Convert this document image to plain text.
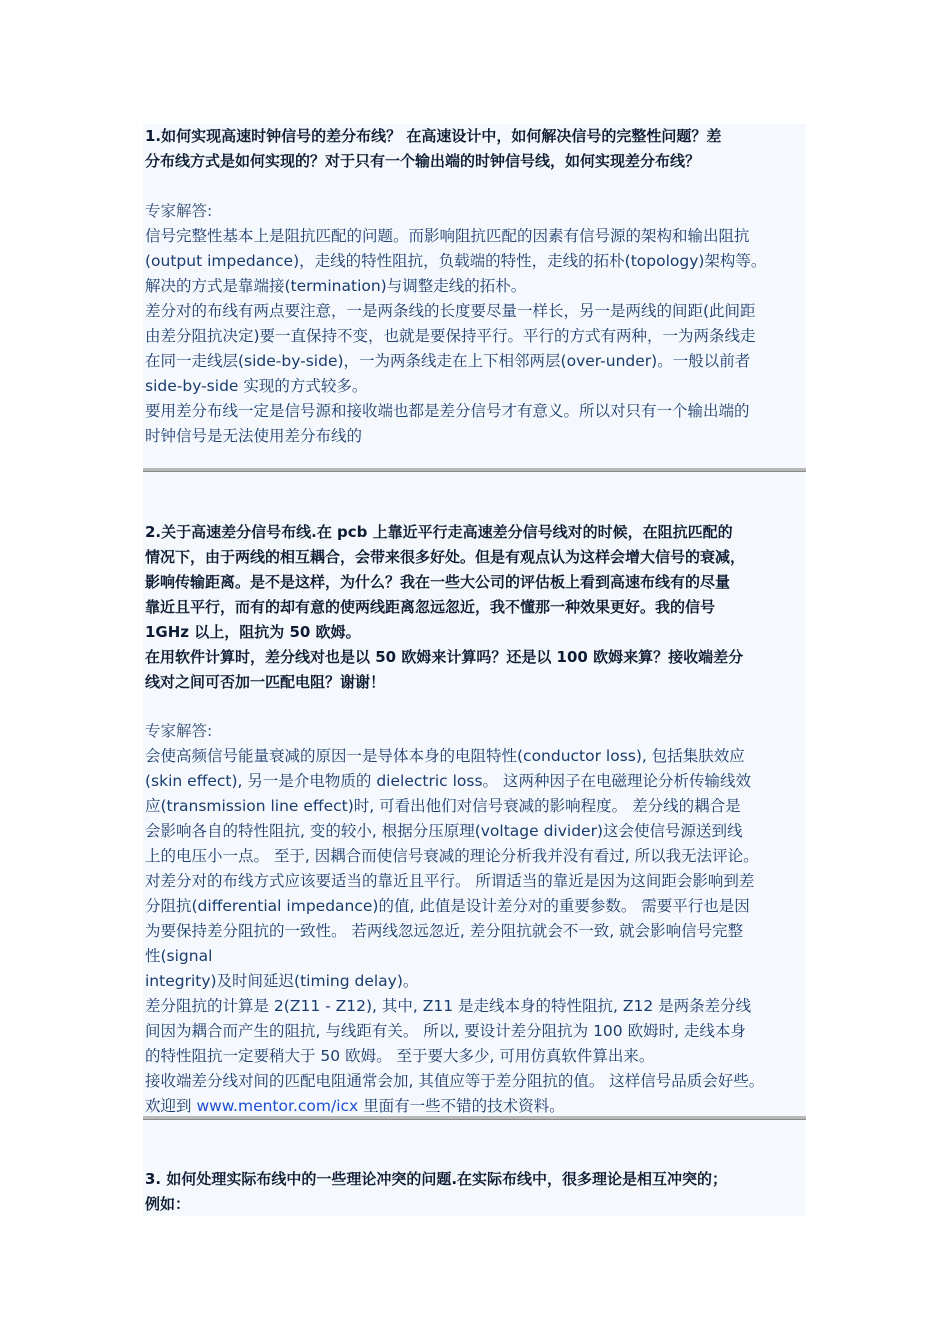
1.如何实现高速时钟信号的差分布线？ 在高速设计中，如何解决信号的完整性问题？差
分布线方式是如何实现的？对于只有一个输出端的时钟信号线，如何实现差分布线？
专家解答:
信号完整性基本上是阻抗匹配的问题。而影响阻抗匹配的因素有信号源的架构和输出阻抗
(output impedance)，走线的特性阻抗，负载端的特性，走线的拓朴(topology)架构等。
解决的方式是靠端接(termination)与调整走线的拓朴。
差分对的布线有两点要注意，一是两条线的长度要尽量一样长，另一是两线的间距(此间距
由差分阻抗决定)要一直保持不变，也就是要保持平行。平行的方式有两种，一为两条线走
在同一走线层(side-by-side)，一为两条线走在上下相邻两层(over-under)。一般以前者
side-by-side 实现的方式较多。
要用差分布线一定是信号源和接收端也都是差分信号才有意义。所以对只有一个输出端的
时钟信号是无法使用差分布线的
2.关于高速差分信号布线.在 pcb 上靠近平行走高速差分信号线对的时候，在阻抗匹配的
情况下，由于两线的相互耦合，会带来很多好处。但是有观点认为这样会增大信号的衰减，
影响传输距离。是不是这样，为什么？我在一些大公司的评估板上看到高速布线有的尽量
靠近且平行，而有的却有意的使两线距离忽远忽近，我不懂那一种效果更好。我的信号
1GHz 以上，阻抗为 50 欧姆。
在用软件计算时，差分线对也是以 50 欧姆来计算吗？还是以 100 欧姆来算？接收端差分
线对之间可否加一匹配电阻？谢谢！
专家解答:
会使高频信号能量衰减的原因一是导体本身的电阻特性(conductor loss), 包括集肤效应
(skin effect), 另一是介电物质的 dielectric loss。 这两种因子在电磁理论分析传输线效
应(transmission line effect)时, 可看出他们对信号衰减的影响程度。 差分线的耦合是
会影响各自的特性阻抗, 变的较小, 根据分压原理(voltage divider)这会使信号源送到线
上的电压小一点。 至于, 因耦合而使信号衰减的理论分析我并没有看过, 所以我无法评论。
对差分对的布线方式应该要适当的靠近且平行。 所谓适当的靠近是因为这间距会影响到差
分阻抗(differential impedance)的值, 此值是设计差分对的重要参数。 需要平行也是因
为要保持差分阻抗的一致性。 若两线忽远忽近, 差分阻抗就会不一致, 就会影响信号完整
性(signal
integrity)及时间延迟(timing delay)。
差分阻抗的计算是 2(Z11 - Z12), 其中, Z11 是走线本身的特性阻抗, Z12 是两条差分线
间因为耦合而产生的阻抗, 与线距有关。 所以, 要设计差分阻抗为 100 欧姆时, 走线本身
的特性阻抗一定要稍大于 50 欧姆。 至于要大多少, 可用仿真软件算出来。
接收端差分线对间的匹配电阻通常会加, 其值应等于差分阻抗的值。 这样信号品质会好些。
欢迎到 www.mentor.com/icx 里面有一些不错的技术资料。
3. 如何处理实际布线中的一些理论冲突的问题.在实际布线中，很多理论是相互冲突的；
例如：
